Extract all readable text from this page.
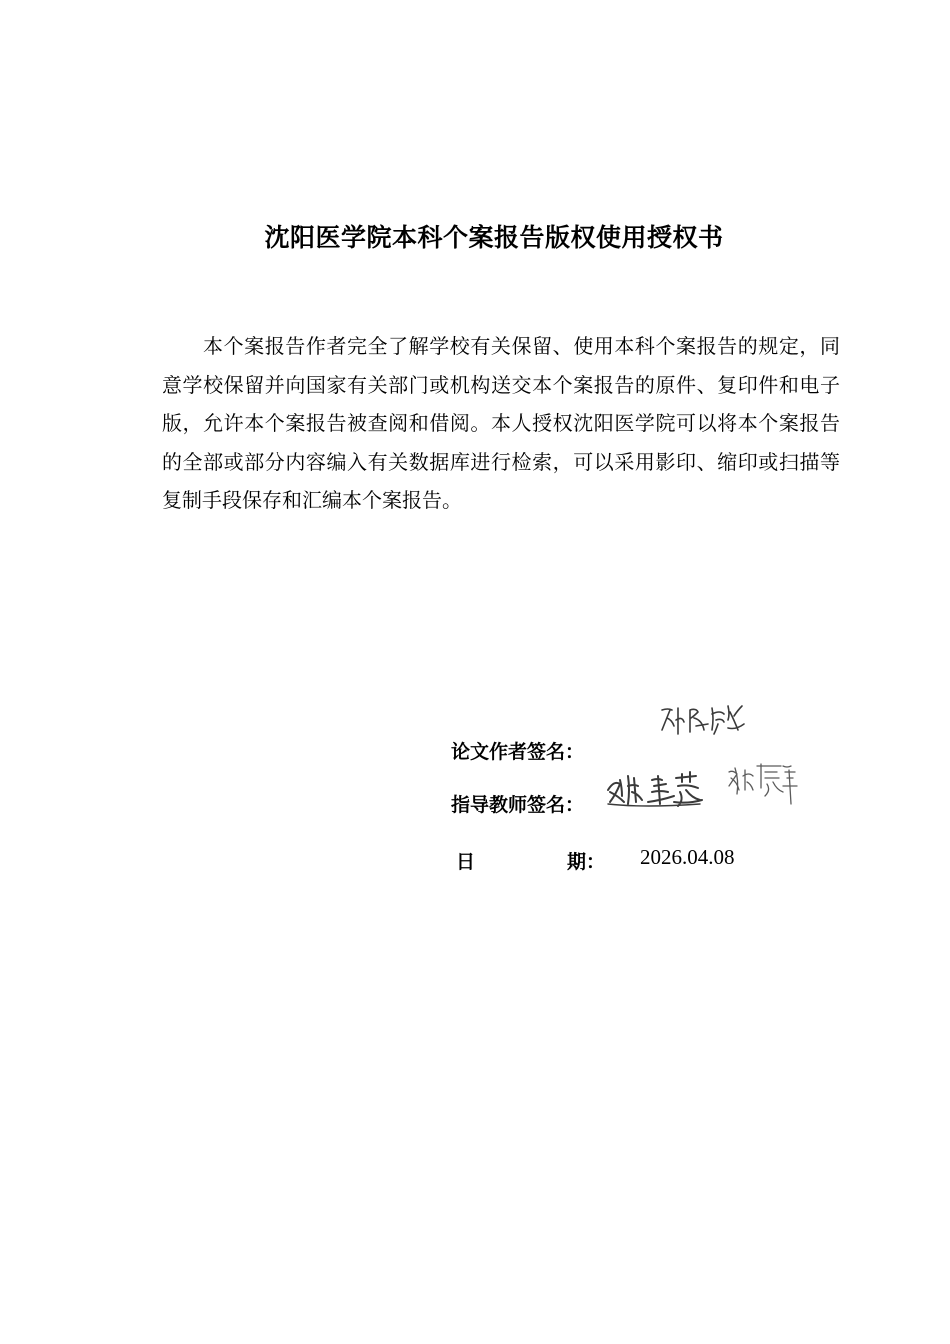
沈阳医学院本科个案报告版权使用授权书

本个案报告作者完全了解学校有关保留、使用本科个案报告的规定，同意学校保留并向国家有关部门或机构送交本个案报告的原件、复印件和电子版，允许本个案报告被查阅和借阅。本人授权沈阳医学院可以将本个案报告的全部或部分内容编入有关数据库进行检索，可以采用影印、缩印或扫描等复制手段保存和汇编本个案报告。

论文作者签名：
指导教师签名：
日	期： 2026.04.08
